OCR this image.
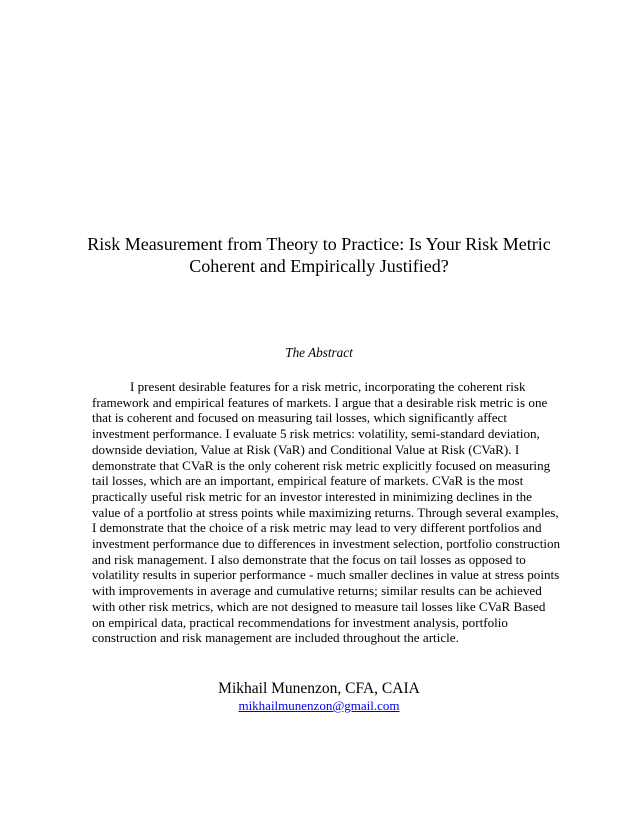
Risk Measurement from Theory to Practice: Is Your Risk Metric
Coherent and Empirically Justified?
The Abstract
I present desirable features for a risk metric, incorporating the coherent risk
framework and empirical features of markets. I argue that a desirable risk metric is one
that is coherent and focused on measuring tail losses, which significantly affect
investment performance. I evaluate 5 risk metrics: volatility, semi-standard deviation,
downside deviation, Value at Risk (VaR) and Conditional Value at Risk (CVaR). I
demonstrate that CVaR is the only coherent risk metric explicitly focused on measuring
tail losses, which are an important, empirical feature of markets. CVaR is the most
practically useful risk metric for an investor interested in minimizing declines in the
value of a portfolio at stress points while maximizing returns. Through several examples,
I demonstrate that the choice of a risk metric may lead to very different portfolios and
investment performance due to differences in investment selection, portfolio construction
and risk management. I also demonstrate that the focus on tail losses as opposed to
volatility results in superior performance - much smaller declines in value at stress points
with improvements in average and cumulative returns; similar results can be achieved
with other risk metrics, which are not designed to measure tail losses like CVaR Based
on empirical data, practical recommendations for investment analysis, portfolio
construction and risk management are included throughout the article.
Mikhail Munenzon, CFA, CAIA
mikhailmunenzon@gmail.com
